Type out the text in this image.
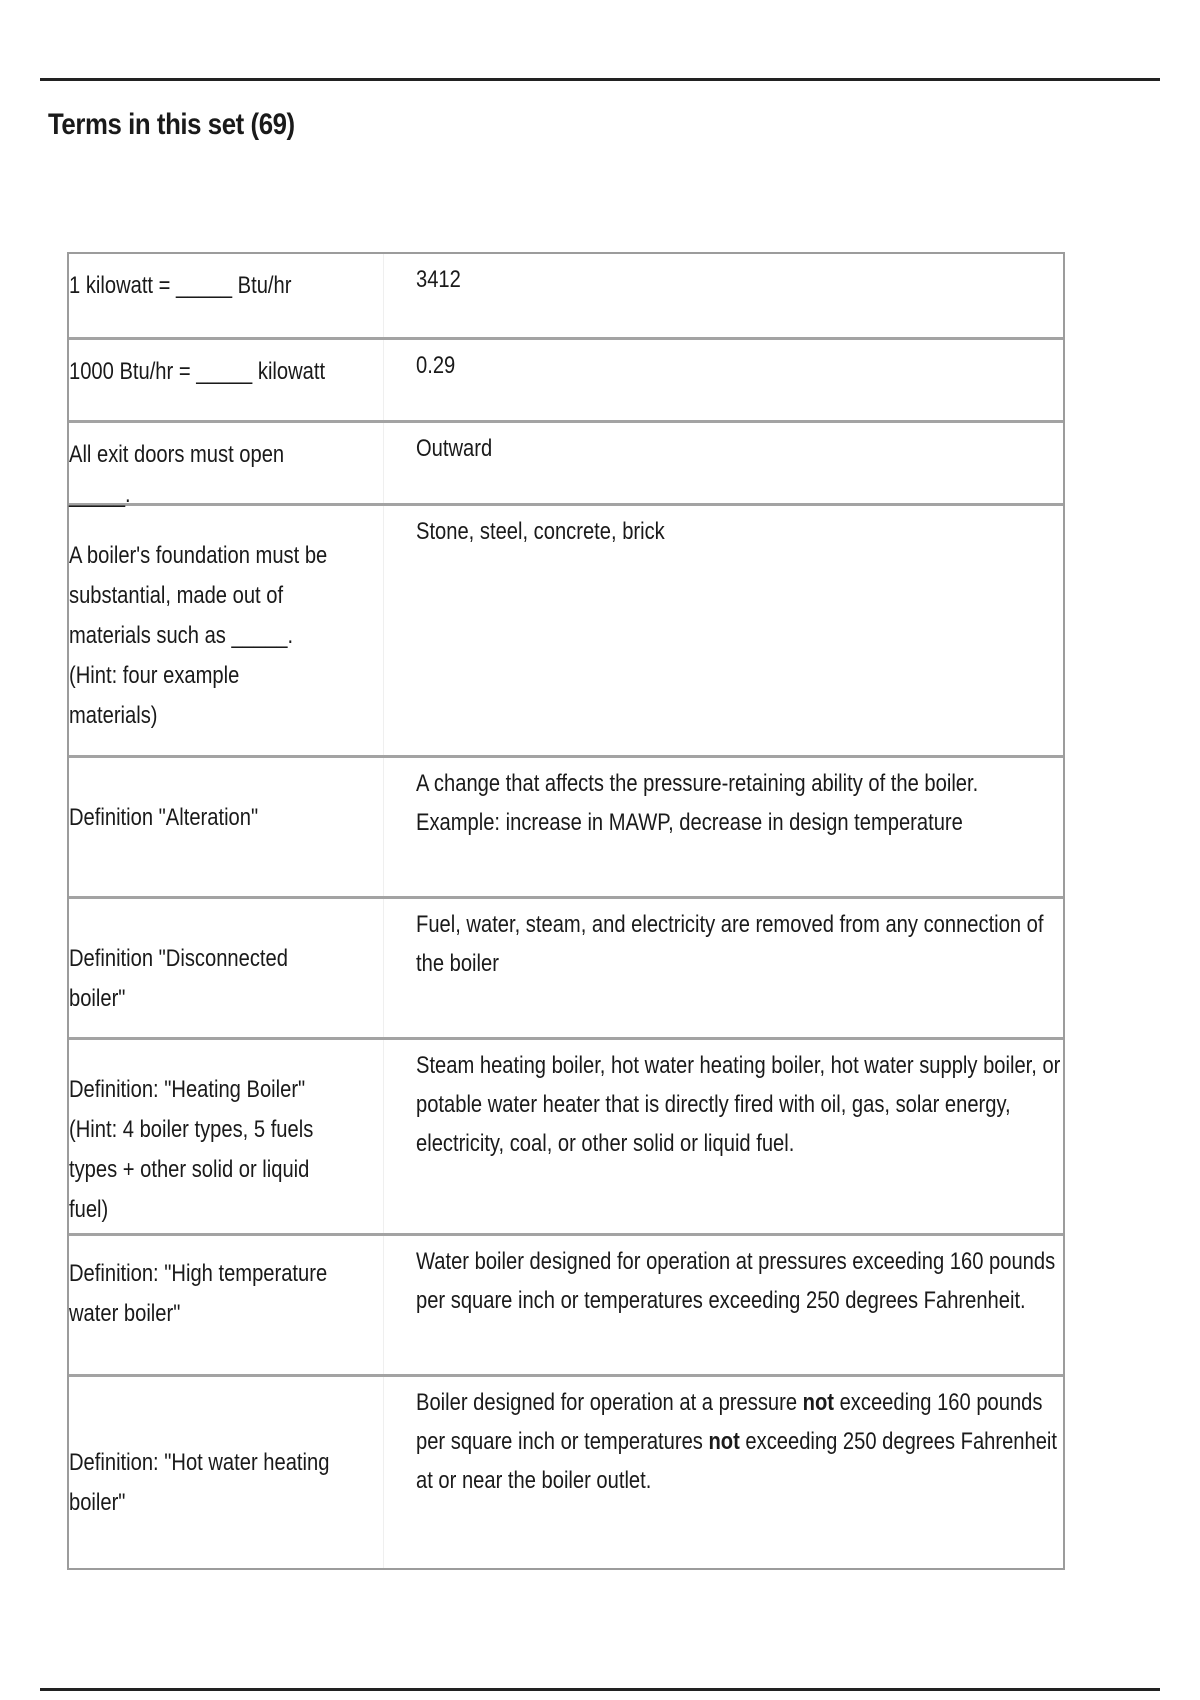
Terms in this set (69)
1 kilowatt = _____ Btu/hr	3412
1000 Btu/hr = _____ kilowatt	0.29
All exit doors must open _____.
Outward
A boiler's foundation must be substantial, made out of materials such as _____. (Hint: four example materials)
Stone, steel, concrete, brick
Definition "Alteration"
A change that affects the pressure-retaining ability of the boiler. Example: increase in MAWP, decrease in design temperature
Definition "Disconnected boiler"
Fuel, water, steam, and electricity are removed from any connection of the boiler
Definition: "Heating Boiler" (Hint: 4 boiler types, 5 fuels types + other solid or liquid fuel)
Steam heating boiler, hot water heating boiler, hot water supply boiler, or potable water heater that is directly fired with oil, gas, solar energy, electricity, coal, or other solid or liquid fuel.
Definition: "High temperature water boiler"
Water boiler designed for operation at pressures exceeding 160 pounds per square inch or temperatures exceeding 250 degrees Fahrenheit.
Definition: "Hot water heating boiler"
Boiler designed for operation at a pressure not exceeding 160 pounds per square inch or temperatures not exceeding 250 degrees Fahrenheit at or near the boiler outlet.
